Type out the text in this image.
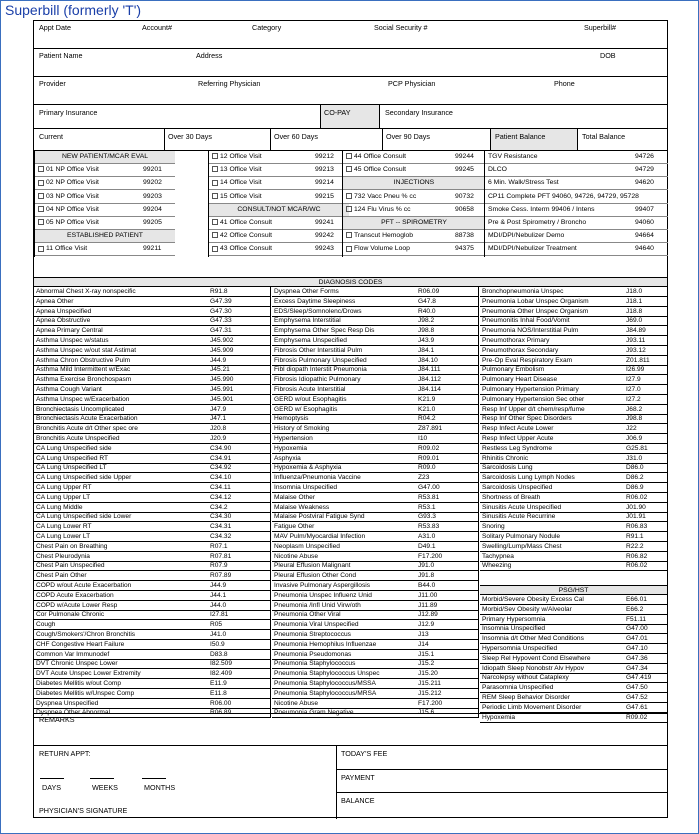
Superbill (formerly 'T')
Appt Date	Account#	Category	Social Security #	Superbill#
Patient Name	Address	DOB
Provider	Referring Physician	PCP Physician	Phone
Primary Insurance	CO-PAY	Secondary Insurance
Current	Over 30 Days	Over 60 Days	Over 90 Days	Patient Balance	Total Balance
NEW PATIENT/MCAR EVAL
01 NP Office Visit	99201
02 NP Office Visit	99202
03 NP Office Visit	99203
04 NP Office Visit	99204
05 NP Office Visit	99205
ESTABLISHED PATIENT
11 Office Visit	99211
12 Office Visit	99212
13 Office Visit	99213
14 Office Visit	99214
15 Office Visit	99215
CONSULT/NOT MCAR/WC
41 Office Consult	99241
42 Office Consult	99242
43 Office Consult	99243
44 Office Consult	99244
45 Office Consult	99245
INJECTIONS
732 Vacc Pneu % cc	90732
124 Flu Virus % cc	90658
PFT -- SPIROMETRY
Transcut Hemoglob	88738
Flow Volume Loop	94375
TGV Resistance	94726
DLCO	94729
6 Min. Walk/Stress Test	94620
CP11 Complete PFT 94060, 94726, 94729, 95728
Smoke Cess. Interm 99406 / Intens	99407
Pre & Post Spirometry / Broncho	94060
MDI/DPI/Nebulizer Demo	94664
MDI/DPI/Nebulizer Treatment	94640
DIAGNOSIS CODES
Abnormal Chest X-ray nonspecific	R91.8
Apnea Other	G47.39
Apnea Unspecified	G47.30
Apnea Obstructive	G47.33
Apnea Primary Central	G47.31
Asthma Unspec w/status	J45.902
Asthma Unspec w/out stat Astimat	J45.909
Asthma Chron Obstructive Pulm	J44.9
Asthma Mild Intermittent w/Exac	J45.21
Asthma Exercise Bronchospasm	J45.990
Asthma Cough Variant	J45.991
Asthma Unspec w/Exacerbation	J45.901
Bronchiectasis Uncomplicated	J47.9
Bronchiectasis Acute Exacerbation	J47.1
Bronchitis Acute d/t Other spec ore	J20.8
Bronchitis Acute Unspecified	J20.9
CA Lung Unspecified side	C34.90
CA Lung Unspecified RT	C34.91
CA Lung Unspecified LT	C34.92
CA Lung Unspecified side Upper	C34.10
CA Lung Upper RT	C34.11
CA Lung Upper LT	C34.12
CA Lung Middle	C34.2
CA Lung Unspecified side Lower	C34.30
CA Lung Lower RT	C34.31
CA Lung Lower LT	C34.32
Chest Pain on Breathing	R07.1
Chest Pleurodynia	R07.81
Chest Pain Unspecified	R07.9
Chest Pain Other	R07.89
COPD w/out Acute Exacerbation	J44.9
COPD Acute Exacerbation	J44.1
COPD w/Acute Lower Resp	J44.0
Cor Pulmonale Chronic	I27.81
Cough	R05
Cough/Smokers'/Chron Bronchitis	J41.0
CHF Congestive Heart Failure	I50.9
Common Var Immunodef	D83.8
DVT Chronic Unspec Lower	I82.509
DVT Acute Unspec Lower Extremity	I82.409
Diabetes Mellitis w/out Comp	E11.9
Diabetes Mellitis w/Unspec Comp	E11.8
Dyspnea Unspecified	R06.00
Dyspnea Other Abnormal	R06.89
Dyspnea Other Forms	R06.09
Excess Daytime Sleepiness	G47.8
EDS/Sleep/Somnolenc/Drows	R40.0
Emphysema Interstitial	J98.2
Emphysema Other Spec Resp Dis	J98.8
Emphysema Unspecified	J43.9
Fibrosis Other Interstitial Pulm	J84.1
Fibrosis Pulmonary Unspecified	J84.10
Fibl diopath Interstit Pneumonia	J84.111
Fibrosis Idiopathic Pulmonary	J84.112
Fibrosis Acute Interstitial	J84.114
GERD w/out Esophagitis	K21.9
GERD w/ Esophagitis	K21.0
Hemoptysis	R04.2
History of Smoking	Z87.891
Hypertension	I10
Hypoxemia	R09.02
Asphyxia	R09.01
Hypoxemia & Asphyxia	R09.0
Influenza/Pneumonia Vaccine	Z23
Insomnia Unspecified	G47.00
Malaise Other	R53.81
Malaise Weakness	R53.1
Malaise Postviral Fatigue Synd	G93.3
Fatigue Other	R53.83
MAV Pulm/Myocardial Infection	A31.0
Neoplasm Unspecified	D49.1
Nicotine Abuse	F17.200
Pleural Effusion Malignant	J91.0
Pleural Effusion Other Cond	J91.8
Invasive Pulmonary Aspergillosis	B44.0
Pneumonia Unspec Influenz Unid	J11.00
Pneumonia /Infl Unid Virw/oth	J11.89
Pneumonia Other Viral	J12.89
Pneumonia Viral Unspecified	J12.9
Pneumonia Streptococcus	J13
Pneumonia Hemophilus Influenzae	J14
Pneumonia Pseudomonas	J15.1
Pneumonia Staphylococcus	J15.2
Pneumonia Staphylococcus Unspec	J15.20
Pneumonia Staphylococcus/MSSA	J15.211
Pneumonia Staphylococcus/MRSA	J15.212
Nicotine Abuse	F17.200
Pneumonia Gram Negative	J15.6
Bronchopneumonia Unspec	J18.0
Pneumonia Lobar Unspec Organism	J18.1
Pneumonia Other Unspec Organism	J18.8
Pneumonitis Inhal Food/Vomit	J69.0
Pneumonia NOS/Interstitial Pulm	J84.89
Pneumothorax Primary	J93.11
Pneumothorax Secondary	J93.12
Pre-Op Eval Respiratory Exam	Z01.811
Pulmonary Embolism	I26.99
Pulmonary Heart Disease	I27.9
Pulmonary Hypertension Primary	I27.0
Pulmonary Hypertension Sec other	I27.2
Resp Inf Upper d/t chem/resp/fume	J68.2
Resp Inf Other Spec Disorders	J98.8
Resp Infect Acute Lower	J22
Resp Infect Upper Acute	J06.9
Restless Leg Syndrome	G25.81
Rhinitis Chronic	J31.0
Sarcoidosis Lung	D86.0
Sarcoidosis Lung Lymph Nodes	D86.2
Sarcoidosis Unspecified	D86.9
Shortness of Breath	R06.02
Sinusitis Acute Unspecified	J01.90
Sinusitis Acute Recurrine	J01.91
Snoring	R06.83
Solitary Pulmonary Nodule	R91.1
Swelling/Lump/Mass Chest	R22.2
Tachypnea	R06.82
Wheezing	R06.02
PSG/HST
Morbid/Severe Obesity Excess Cal	E66.01
Morbid/Sev Obesity w/Alveolar	E66.2
Primary Hypersomnia	F51.11
Insomnia Unspecified	G47.00
Insomnia d/t Other Med Conditions	G47.01
Hypersomnia Unspecified	G47.10
Sleep Rel Hypovent Cond Elsewhere	G47.36
Idiopath Sleep Nonobstr Alv Hypov	G47.34
Narcolepsy without Cataplexy	G47.419
Parasomnia Unspecified	G47.50
REM Sleep Behavior Disorder	G47.52
Periodic Limb Movement Disorder	G47.61
Hypoxemia	R09.02
REMARKS
RETURN APPT:
DAYS	WEEKS	MONTHS
PHYSICIAN'S SIGNATURE
TODAY'S FEE
PAYMENT
BALANCE
